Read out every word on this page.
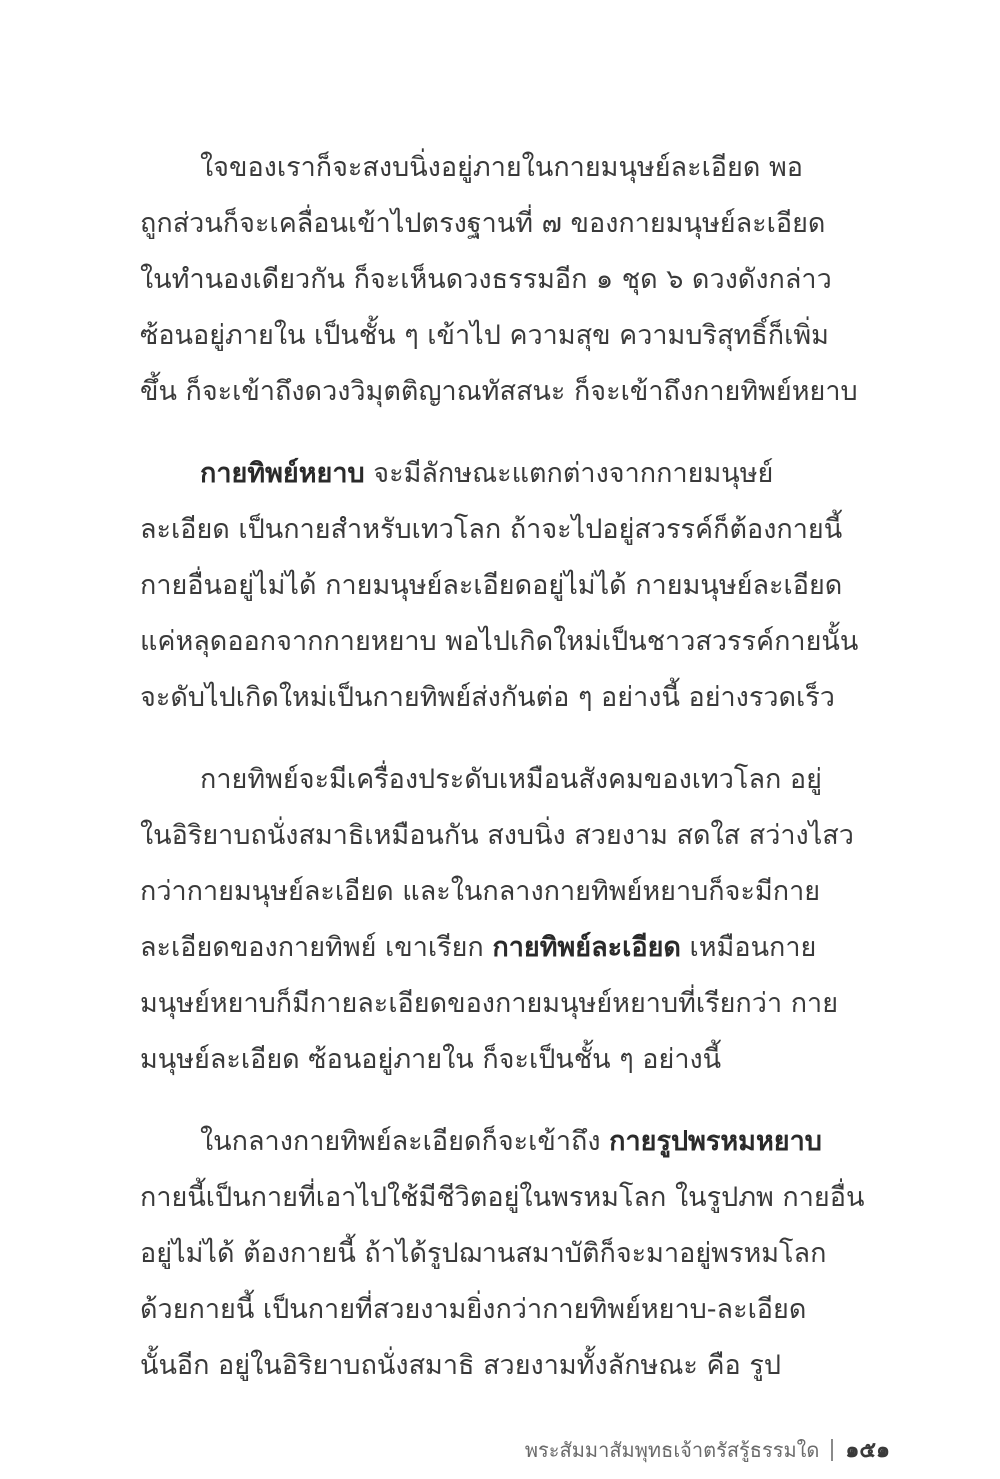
ใจของเราก็จะสงบนิ่งอยู่ภายในกายมนุษย์ละเอียด พอ
ถูกส่วนก็จะเคลื่อนเข้าไปตรงฐานที่ ๗ ของกายมนุษย์ละเอียด
ในทำนองเดียวกัน ก็จะเห็นดวงธรรมอีก ๑ ชุด ๖ ดวงดังกล่าว
ซ้อนอยู่ภายใน เป็นชั้น ๆ เข้าไป ความสุข ความบริสุทธิ์ก็เพิ่ม
ขึ้น ก็จะเข้าถึงดวงวิมุตติญาณทัสสนะ ก็จะเข้าถึงกายทิพย์หยาบ
กายทิพย์หยาบ จะมีลักษณะแตกต่างจากกายมนุษย์
ละเอียด เป็นกายสำหรับเทวโลก ถ้าจะไปอยู่สวรรค์ก็ต้องกายนี้
กายอื่นอยู่ไม่ได้ กายมนุษย์ละเอียดอยู่ไม่ได้ กายมนุษย์ละเอียด
แค่หลุดออกจากกายหยาบ พอไปเกิดใหม่เป็นชาวสวรรค์กายนั้น
จะดับไปเกิดใหม่เป็นกายทิพย์ส่งกันต่อ ๆ อย่างนี้ อย่างรวดเร็ว
กายทิพย์จะมีเครื่องประดับเหมือนสังคมของเทวโลก อยู่
ในอิริยาบถนั่งสมาธิเหมือนกัน สงบนิ่ง สวยงาม สดใส สว่างไสว
กว่ากายมนุษย์ละเอียด และในกลางกายทิพย์หยาบก็จะมีกาย
ละเอียดของกายทิพย์ เขาเรียก กายทิพย์ละเอียด เหมือนกาย
มนุษย์หยาบก็มีกายละเอียดของกายมนุษย์หยาบที่เรียกว่า กาย
มนุษย์ละเอียด ซ้อนอยู่ภายใน ก็จะเป็นชั้น ๆ อย่างนี้
ในกลางกายทิพย์ละเอียดก็จะเข้าถึง กายรูปพรหมหยาบ
กายนี้เป็นกายที่เอาไปใช้มีชีวิตอยู่ในพรหมโลก ในรูปภพ กายอื่น
อยู่ไม่ได้ ต้องกายนี้ ถ้าได้รูปฌานสมาบัติก็จะมาอยู่พรหมโลก
ด้วยกายนี้ เป็นกายที่สวยงามยิ่งกว่ากายทิพย์หยาบ-ละเอียด
นั้นอีก อยู่ในอิริยาบถนั่งสมาธิ สวยงามทั้งลักษณะ คือ รูป
พระสัมมาสัมพุทธเจ้าตรัสรู้ธรรมใด ๑๕๑
